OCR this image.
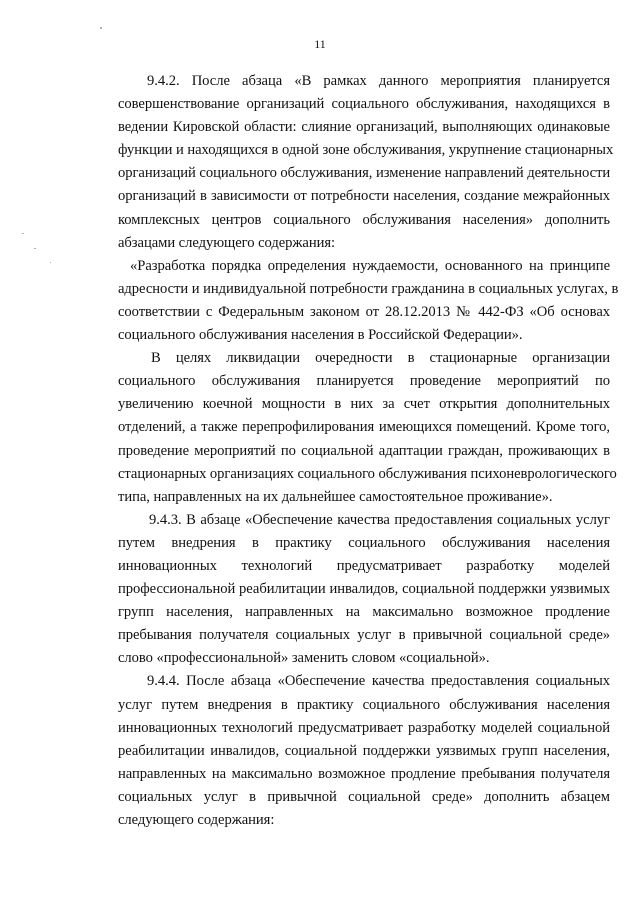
11
9.4.2. После абзаца «В рамках данного мероприятия планируется
совершенствование организаций социального обслуживания, находящихся в
ведении Кировской области: слияние организаций, выполняющих одинаковые
функции и находящихся в одной зоне обслуживания, укрупнение стационарных
организаций социального обслуживания, изменение направлений деятельности
организаций в зависимости от потребности населения, создание межрайонных
комплексных центров социального обслуживания населения» дополнить
абзацами следующего содержания:
«Разработка порядка определения нуждаемости, основанного на принципе
адресности и индивидуальной потребности гражданина в социальных услугах, в
соответствии с Федеральным законом от 28.12.2013 № 442-ФЗ «Об основах
социального обслуживания населения в Российской Федерации».
В целях ликвидации очередности в стационарные организации
социального обслуживания планируется проведение мероприятий по
увеличению коечной мощности в них за счет открытия дополнительных
отделений, а также перепрофилирования имеющихся помещений. Кроме того,
проведение мероприятий по социальной адаптации граждан, проживающих в
стационарных организациях социального обслуживания психоневрологического
типа, направленных на их дальнейшее самостоятельное проживание».
9.4.3. В абзаце «Обеспечение качества предоставления социальных услуг
путем внедрения в практику социального обслуживания населения
инновационных технологий предусматривает разработку моделей
профессиональной реабилитации инвалидов, социальной поддержки уязвимых
групп населения, направленных на максимально возможное продление
пребывания получателя социальных услуг в привычной социальной среде»
слово «профессиональной» заменить словом «социальной».
9.4.4. После абзаца «Обеспечение качества предоставления социальных
услуг путем внедрения в практику социального обслуживания населения
инновационных технологий предусматривает разработку моделей социальной
реабилитации инвалидов, социальной поддержки уязвимых групп населения,
направленных на максимально возможное продление пребывания получателя
социальных услуг в привычной социальной среде» дополнить абзацем
следующего содержания:
